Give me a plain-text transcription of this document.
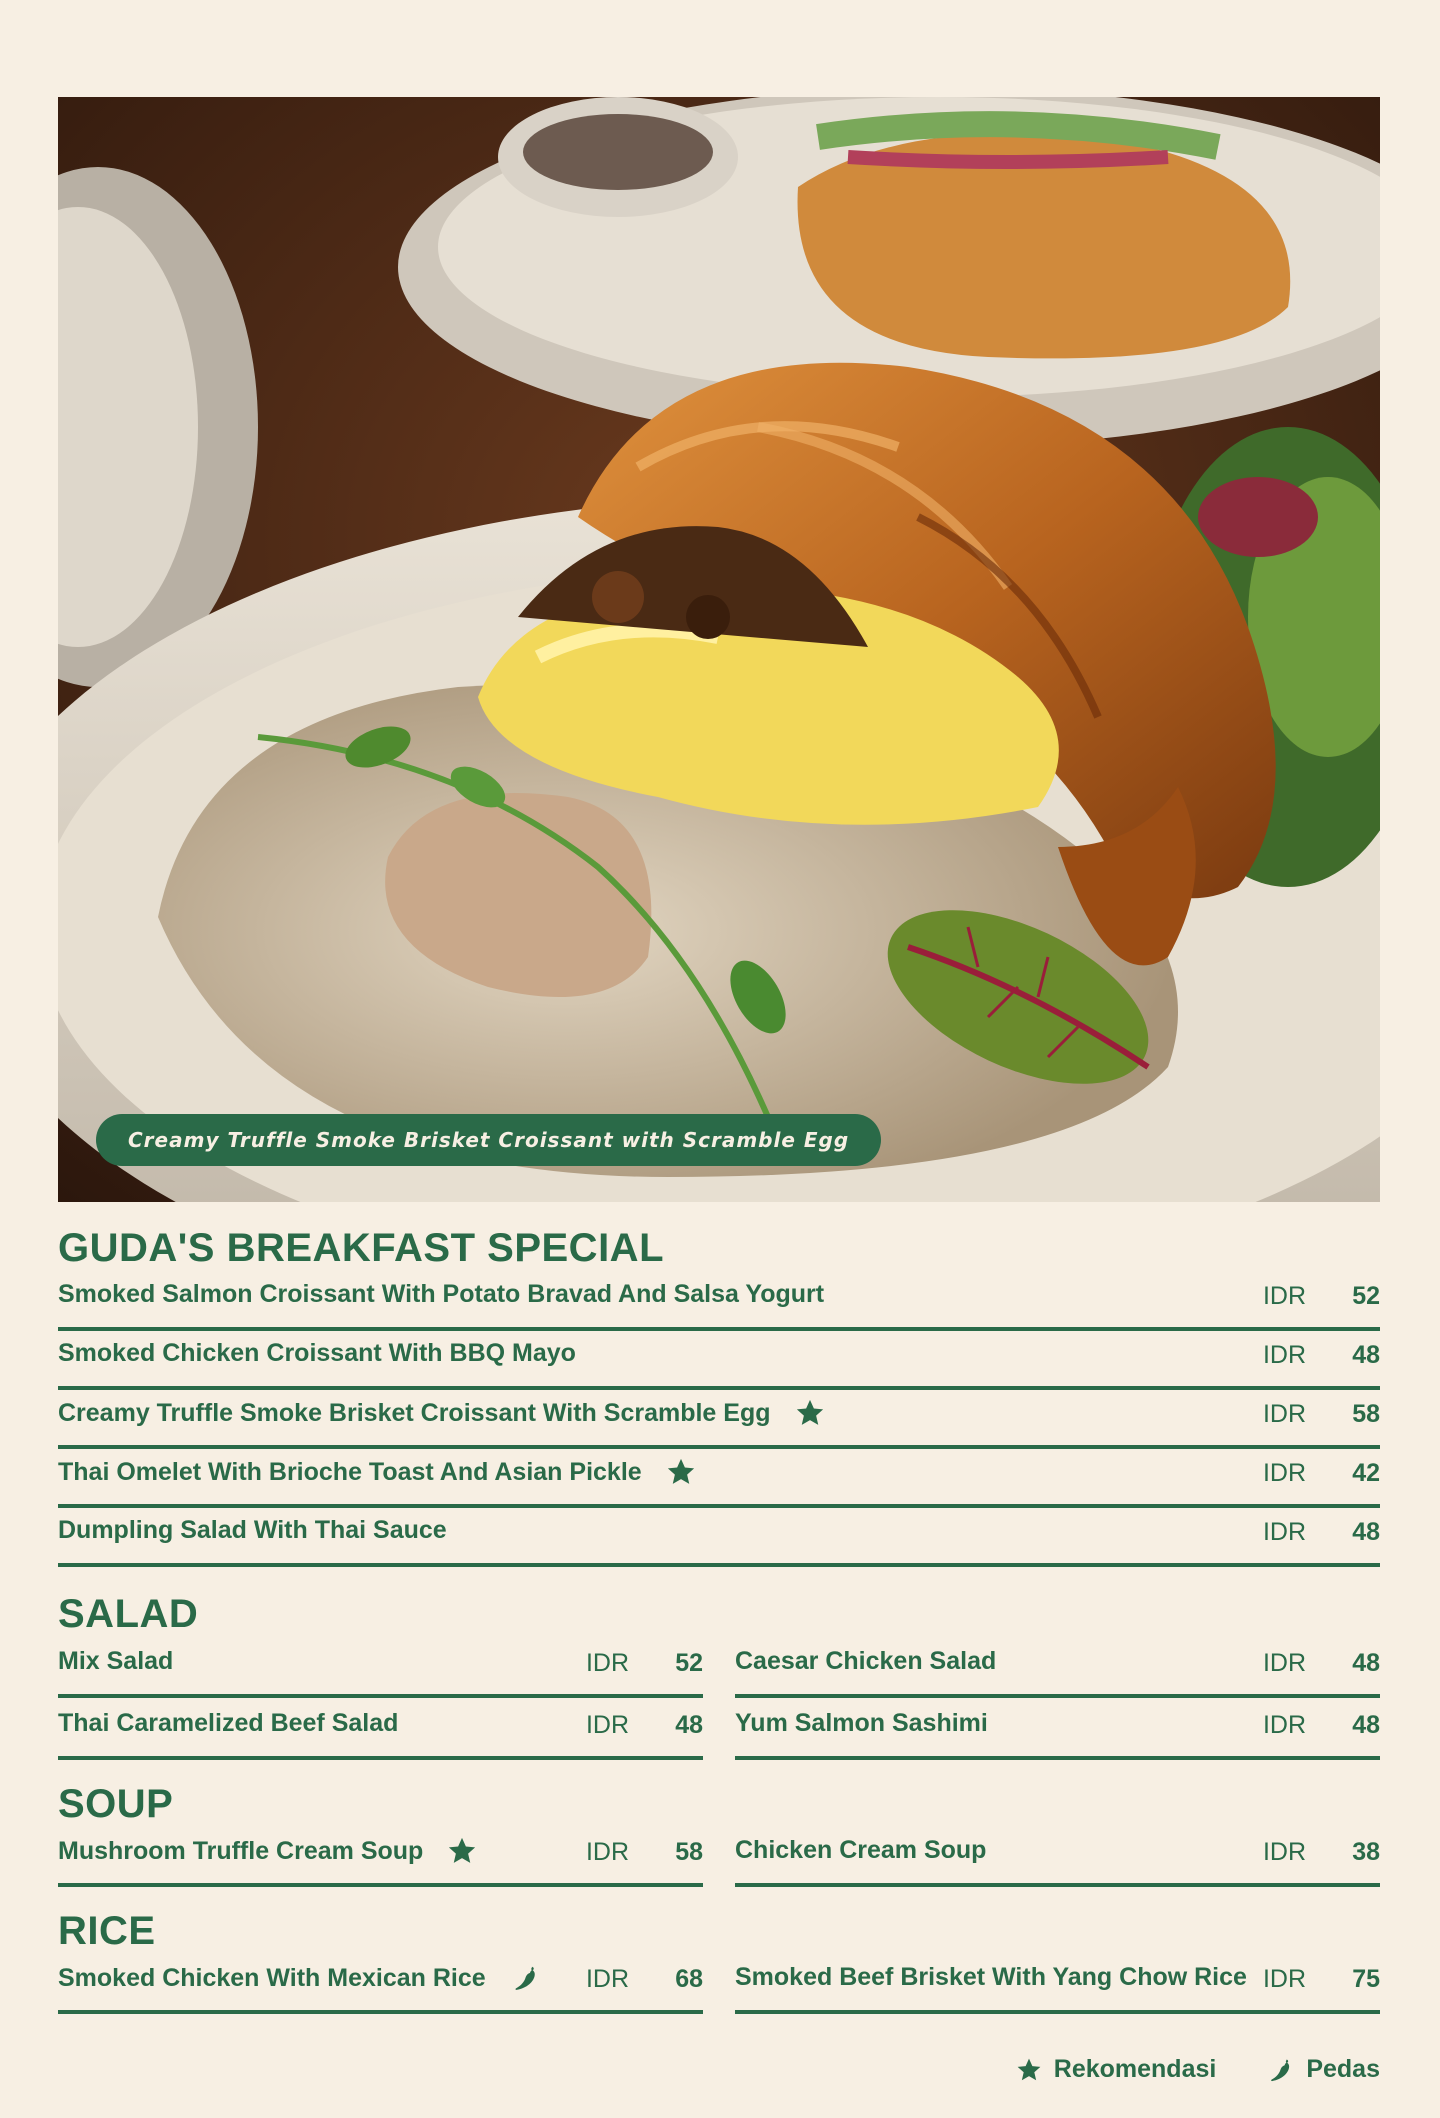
Creamy Truffle Smoke Brisket Croissant with Scramble Egg
GUDA'S BREAKFAST SPECIAL
Smoked Salmon Croissant With Potato Bravad And Salsa Yogurt	IDR 52
Smoked Chicken Croissant With BBQ Mayo	IDR 48
Creamy Truffle Smoke Brisket Croissant With Scramble Egg	IDR 58
Thai Omelet With Brioche Toast And Asian Pickle	IDR 42
Dumpling Salad With Thai Sauce	IDR 48
SALAD
Mix Salad	IDR 52 Caesar Chicken Salad	IDR 48
Thai Caramelized Beef Salad	IDR 48 Yum Salmon Sashimi	IDR 48
SOUP
Mushroom Truffle Cream Soup	IDR 58 Chicken Cream Soup	IDR 38
RICE
Smoked Chicken With Mexican Rice	IDR 68 Smoked Beef Brisket With Yang Chow Rice IDR 75
Rekomendasi	Pedas
